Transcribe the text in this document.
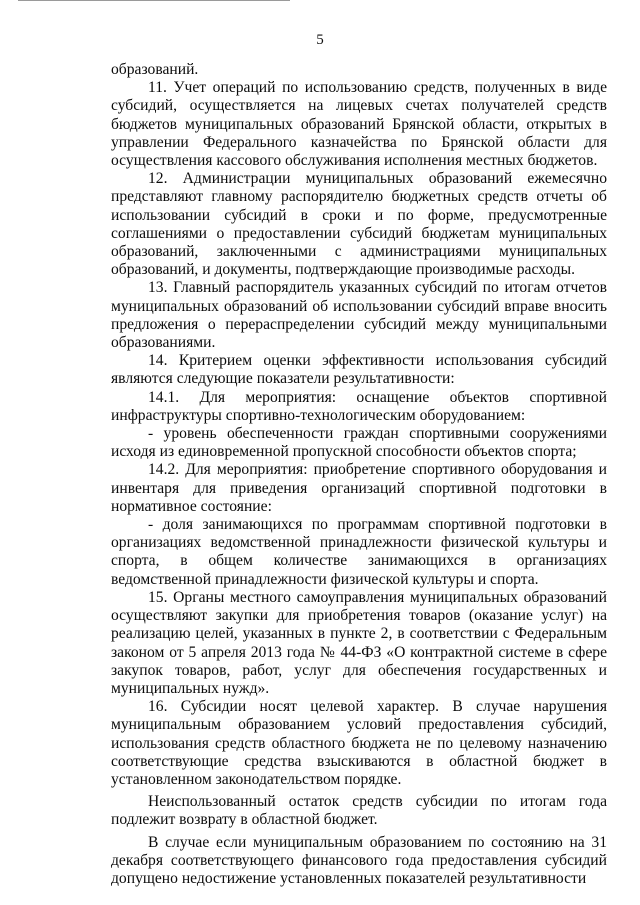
5

образований.

11. Учет операций по использованию средств, полученных в виде субсидий, осуществляется на лицевых счетах получателей средств бюджетов муниципальных образований Брянской области, открытых в управлении Федерального казначейства по Брянской области для осуществления кассового обслуживания исполнения местных бюджетов.

12. Администрации муниципальных образований ежемесячно представляют главному распорядителю бюджетных средств отчеты об использовании субсидий в сроки и по форме, предусмотренные соглашениями о предоставлении субсидий бюджетам муниципальных образований, заключенными с администрациями муниципальных образований, и документы, подтверждающие производимые расходы.

13. Главный распорядитель указанных субсидий по итогам отчетов муниципальных образований об использовании субсидий вправе вносить предложения о перераспределении субсидий между муниципальными образованиями.

14. Критерием оценки эффективности использования субсидий являются следующие показатели результативности:

14.1. Для мероприятия: оснащение объектов спортивной инфраструктуры спортивно-технологическим оборудованием:

- уровень обеспеченности граждан спортивными сооружениями исходя из единовременной пропускной способности объектов спорта;

14.2. Для мероприятия: приобретение спортивного оборудования и инвентаря для приведения организаций спортивной подготовки в нормативное состояние:

- доля занимающихся по программам спортивной подготовки в организациях ведомственной принадлежности физической культуры и спорта, в общем количестве занимающихся в организациях ведомственной принадлежности физической культуры и спорта.

15. Органы местного самоуправления муниципальных образований осуществляют закупки для приобретения товаров (оказание услуг) на реализацию целей, указанных в пункте 2, в соответствии с Федеральным законом от 5 апреля 2013 года № 44-ФЗ «О контрактной системе в сфере закупок товаров, работ, услуг для обеспечения государственных и муниципальных нужд».

16. Субсидии носят целевой характер. В случае нарушения муниципальным образованием условий предоставления субсидий, использования средств областного бюджета не по целевому назначению соответствующие средства взыскиваются в областной бюджет в установленном законодательством порядке.

Неиспользованный остаток средств субсидии по итогам года подлежит возврату в областной бюджет.

В случае если муниципальным образованием по состоянию на 31 декабря соответствующего финансового года предоставления субсидий допущено недостижение установленных показателей результативности
